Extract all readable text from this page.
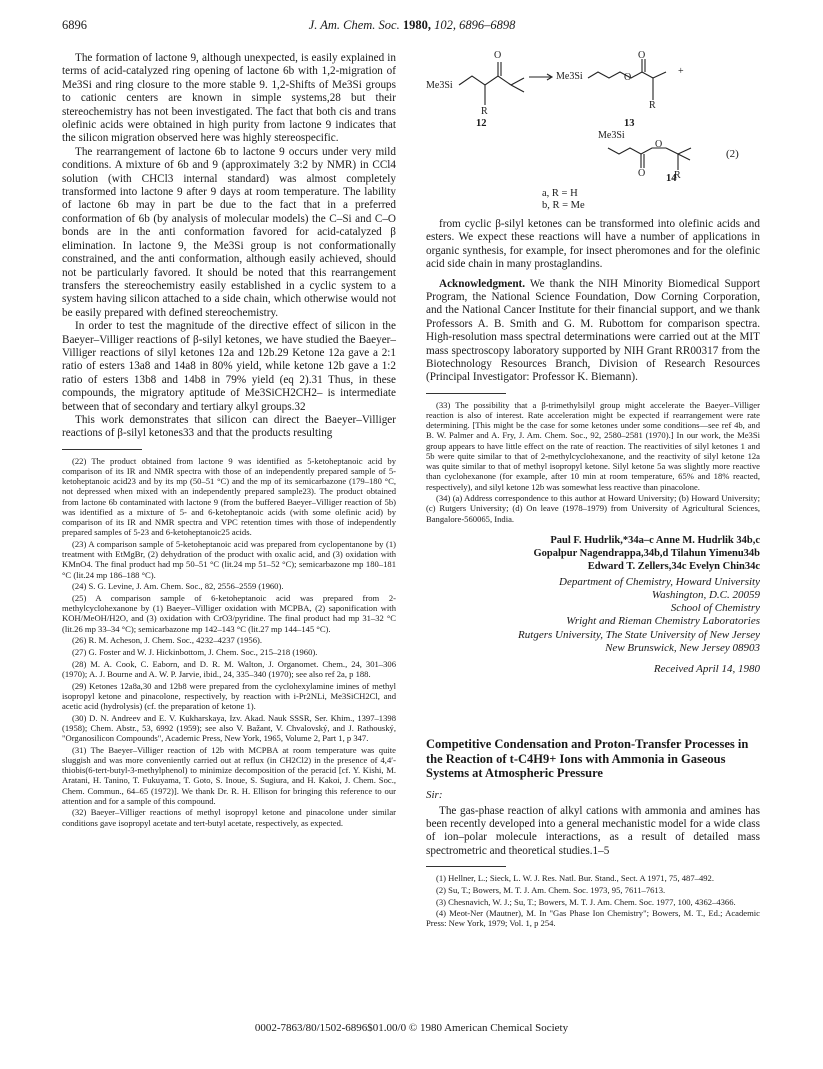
6896	J. Am. Chem. Soc. 1980, 102, 6896–6898

The formation of lactone 9, although unexpected, is easily explained in terms of acid-catalyzed ring opening of lactone 6b with 1,2-migration of Me3Si and ring closure to the more stable 9. 1,2-Shifts of Me3Si groups to cationic centers are known in simple systems,28 but their stereochemistry has not been investigated. The fact that both cis and trans olefinic acids were obtained in high purity from lactone 9 indicates that the silicon migration observed here was highly stereospecific.

The rearrangement of lactone 6b to lactone 9 occurs under very mild conditions. A mixture of 6b and 9 (approximately 3:2 by NMR) in CCl4 solution (with CHCl3 internal standard) was almost completely transformed into lactone 9 after 9 days at room temperature. The lability of lactone 6b may in part be due to the fact that in a preferred conformation of 6b (by analysis of molecular models) the C–Si and C–O bonds are in the anti conformation favored for acid-catalyzed β elimination. In lactone 9, the Me3Si group is not conformationally constrained, and the anti conformation, although easily achieved, should not be particularly favored. It should be noted that this rearrangement transfers the stereochemistry easily established in a cyclic system to a system having silicon attached to a side chain, which otherwise would not be easily prepared with defined stereochemistry.

In order to test the magnitude of the directive effect of silicon in the Baeyer–Villiger reactions of β-silyl ketones, we have studied the Baeyer–Villiger reactions of silyl ketones 12a and 12b.29 Ketone 12a gave a 2:1 ratio of esters 13a8 and 14a8 in 80% yield, while ketone 12b gave a 1:2 ratio of esters 13b8 and 14b8 in 79% yield (eq 2).31 Thus, in these compounds, the migratory aptitude of Me3SiCH2CH2– is intermediate between that of secondary and tertiary alkyl groups.32

This work demonstrates that silicon can direct the Baeyer–Villiger reactions of β-silyl ketones33 and that the products resulting

(22) The product obtained from lactone 9 was identified as 5-ketoheptanoic acid by comparison of its IR and NMR spectra with those of an independently prepared sample of 5-ketoheptanoic acid23 and by its mp (50–51 °C) and the mp of its semicarbazone (179–180 °C, not depressed when mixed with an independently prepared sample23). The product obtained from lactone 6b contaminated with lactone 9 (from the buffered Baeyer–Villiger reaction of 5b) was identified as a mixture of 5- and 6-ketoheptanoic acids (with some olefinic acid) by comparison of its IR and NMR spectra and VPC retention times with those of independently prepared samples of 5-23 and 6-ketoheptanoic25 acids.

(23) A comparison sample of 5-ketoheptanoic acid was prepared from cyclopentanone by (1) treatment with EtMgBr, (2) dehydration of the product with oxalic acid, and (3) oxidation with KMnO4. The final product had mp 50–51 °C (lit.24 mp 51–52 °C); semicarbazone mp 180–181 °C (lit.24 mp 186–188 °C).

(24) S. G. Levine, J. Am. Chem. Soc., 82, 2556–2559 (1960).

(25) A comparison sample of 6-ketoheptanoic acid was prepared from 2-methylcyclohexanone by (1) Baeyer–Villiger oxidation with MCPBA, (2) saponification with KOH/MeOH/H2O, and (3) oxidation with CrO3/pyridine. The final product had mp 31–32 °C (lit.26 mp 33–34 °C); semicarbazone mp 142–143 °C (lit.27 mp 144–145 °C).

(26) R. M. Acheson, J. Chem. Soc., 4232–4237 (1956).

(27) G. Foster and W. J. Hickinbottom, J. Chem. Soc., 215–218 (1960).

(28) M. A. Cook, C. Eaborn, and D. R. M. Walton, J. Organomet. Chem., 24, 301–306 (1970); A. J. Bourne and A. W. P. Jarvie, ibid., 24, 335–340 (1970); see also ref 2a, p 188.

(29) Ketones 12a8a,30 and 12b8 were prepared from the cyclohexylamine imines of methyl isopropyl ketone and pinacolone, respectively, by reaction with i-Pr2NLi, Me3SiCH2Cl, and acetic acid (hydrolysis) (cf. the preparation of ketone 1).

(30) D. N. Andreev and E. V. Kukharskaya, Izv. Akad. Nauk SSSR, Ser. Khim., 1397–1398 (1958); Chem. Abstr., 53, 6992 (1959); see also V. Bažant, V. Chvalovský, and J. Rathouský, "Organosilicon Compounds", Academic Press, New York, 1965, Volume 2, Part 1, p 347.

(31) The Baeyer–Villiger reaction of 12b with MCPBA at room temperature was quite sluggish and was more conveniently carried out at reflux (in CH2Cl2) in the presence of 4,4′-thiobis(6-tert-butyl-3-methylphenol) to minimize decomposition of the peracid [cf. Y. Kishi, M. Aratani, H. Tanino, T. Fukuyama, T. Goto, S. Inoue, S. Sugiura, and H. Kakoi, J. Chem. Soc., Chem. Commun., 64–65 (1972)]. We thank Dr. R. H. Ellison for bringing this reference to our attention and for a sample of this compound.

(32) Baeyer–Villiger reactions of methyl isopropyl ketone and pinacolone under similar conditions gave isopropyl acetate and tert-butyl acetate, respectively, as expected.

Me3Si
O
R
Me3Si
O
O
R
+
Me3Si
O
O	R
(2)
12	13
14
a, R = H
b, R = Me

from cyclic β-silyl ketones can be transformed into olefinic acids and esters. We expect these reactions will have a number of applications in organic synthesis, for example, for insect pheromones and for the olefinic acid side chain in many prostaglandins.

Acknowledgment. We thank the NIH Minority Biomedical Support Program, the National Science Foundation, Dow Corning Corporation, and the National Cancer Institute for their financial support, and we thank Professors A. B. Smith and G. M. Rubottom for comparison spectra. High-resolution mass spectral determinations were carried out at the MIT mass spectroscopy laboratory supported by NIH Grant RR00317 from the Biotechnology Resources Branch, Division of Research Resources (Principal Investigator: Professor K. Biemann).

(33) The possibility that a β-trimethylsilyl group might accelerate the Baeyer–Villiger reaction is also of interest. Rate acceleration might be expected if rearrangement were rate determining. [This might be the case for some ketones under some conditions—see ref 4b, and B. W. Palmer and A. Fry, J. Am. Chem. Soc., 92, 2580–2581 (1970).] In our work, the Me3Si group appears to have little effect on the rate of reaction. The reactivities of silyl ketones 1 and 5b were quite similar to that of 2-methylcyclohexanone, and the reactivity of silyl ketone 12a was quite similar to that of methyl isopropyl ketone. Silyl ketone 5a was slightly more reactive than cyclohexanone (for example, after 10 min at room temperature, 65% and 18% reacted, respectively), and silyl ketone 12b was somewhat less reactive than pinacolone.

(34) (a) Address correspondence to this author at Howard University; (b) Howard University; (c) Rutgers University; (d) On leave (1978–1979) from University of Agricultural Sciences, Bangalore-560065, India.

Paul F. Hudrlik,*34a–c Anne M. Hudrlik 34b,c
Gopalpur Nagendrappa,34b,d Tilahun Yimenu34b
Edward T. Zellers,34c Evelyn Chin34c
Department of Chemistry, Howard University
Washington, D.C. 20059
School of Chemistry
Wright and Rieman Chemistry Laboratories
Rutgers University, The State University of New Jersey
New Brunswick, New Jersey 08903
Received April 14, 1980
Competitive Condensation and Proton-Transfer Processes in the Reaction of t-C4H9+ Ions with Ammonia in Gaseous Systems at Atmospheric Pressure
Sir:

The gas-phase reaction of alkyl cations with ammonia and amines has been recently developed into a general mechanistic model for a wide class of ion–polar molecule interactions, as a result of detailed mass spectrometric and theoretical studies.1–5

(1) Hellner, L.; Sieck, L. W. J. Res. Natl. Bur. Stand., Sect. A 1971, 75, 487–492.

(2) Su, T.; Bowers, M. T. J. Am. Chem. Soc. 1973, 95, 7611–7613.

(3) Chesnavich, W. J.; Su, T.; Bowers, M. T. J. Am. Chem. Soc. 1977, 100, 4362–4366.

(4) Meot-Ner (Mautner), M. In "Gas Phase Ion Chemistry"; Bowers, M. T., Ed.; Academic Press: New York, 1979; Vol. 1, p 254.

0002-7863/80/1502-6896$01.00/0 © 1980 American Chemical Society
